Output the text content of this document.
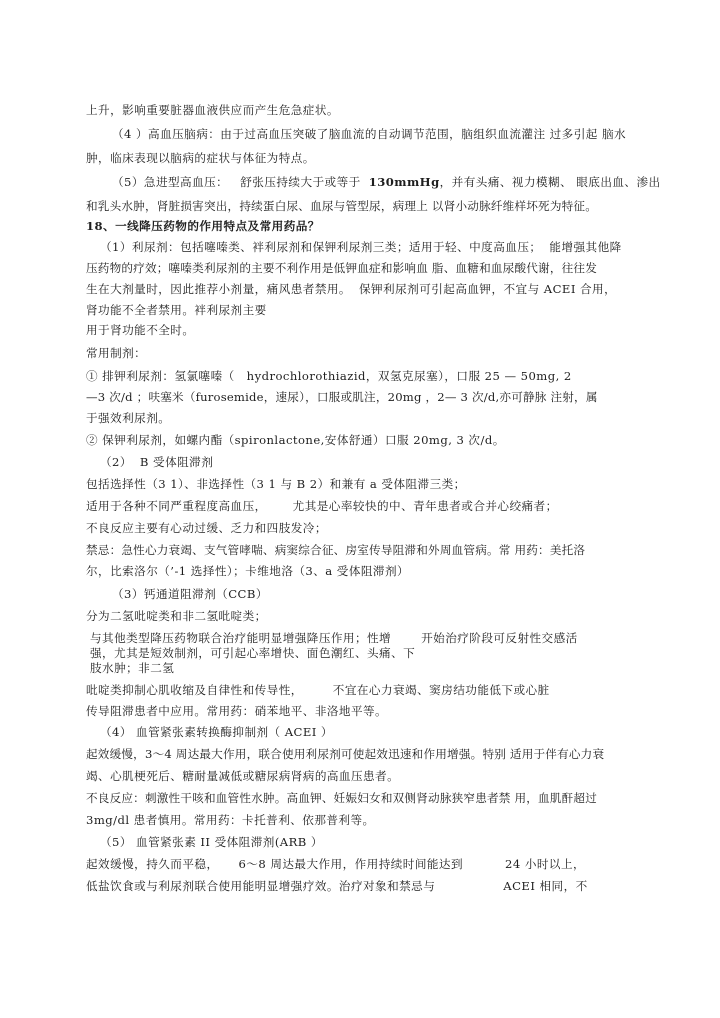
上升，影响重要脏器血液供应而产生危急症状。
（4 ）高血压脑病：由于过高血压突破了脑血流的自动调节范围，脑组织血流灌注 过多引起 脑水
肿，临床表现以脑病的症状与体征为特点。
（5）急进型高血压： 舒张压持续大于或等于 130mmHg，并有头痛、视力模糊、 眼底出血、渗出
和乳头水肿，肾脏损害突出，持续蛋白尿、血尿与管型尿，病理上 以肾小动脉纤维样坏死为特征。
18、一线降压药物的作用特点及常用药品？
（1）利尿剂：包括噻嗪类、袢利尿剂和保钾利尿剂三类；适用于轻、中度高血压； 能增强其他降
压药物的疗效；噻嗪类利尿剂的主要不利作用是低钾血症和影响血 脂、血糖和血尿酸代谢，往往发
生在大剂量时，因此推荐小剂量，痛风患者禁用。 保钾利尿剂可引起高血钾，不宜与 ACEI 合用，
肾功能不全者禁用。袢利尿剂主要
用于肾功能不全时。
常用制剂：
① 排钾利尿剂：氢氯噻嗪（ hydrochlorothiazid，双氢克尿塞），口服 25 — 50mg, 2
—3 次/d ；呋塞米（furosemide，速尿），口服或肌注，20mg ，2— 3 次/d,亦可静脉 注射，属
于强效利尿剂。
② 保钾利尿剂，如螺内酯（spironlactone,安体舒通）口服 20mg, 3 次/d。
（2） B 受体阻滞剂
包括选择性（3 1）、非选择性（3 1 与 B 2）和兼有 a 受体阻滞三类；
适用于各种不同严重程度高血压， 尤其是心率较快的中、青年患者或合并心绞痛者；
不良反应主要有心动过缓、乏力和四肢发冷；
禁忌：急性心力衰竭、支气管哮喘、病窦综合征、房室传导阻滞和外周血管病。常 用药：美托洛
尔，比索洛尔（’-1 选择性）；卡维地洛（3、a 受体阻滞剂）
（3）钙通道阻滞剂（CCB）
分为二氢吡啶类和非二氢吡啶类；
与其他类型降压药物联合治疗能明显增强降压作用；性增	开始治疗阶段可反射性交感活
强，尤其是短效制剂，可引起心率增快、面色潮红、头痛、下
肢水肿；非二氢
吡啶类抑制心肌收缩及自律性和传导性，	不宜在心力衰竭、窦房结功能低下或心脏
传导阻滞患者中应用。常用药：硝苯地平、非洛地平等。
（4） 血管紧张素转换酶抑制剂（ ACEI ）
起效缓慢，3～4 周达最大作用，联合使用利尿剂可使起效迅速和作用增强。特别 适用于伴有心力衰
竭、心肌梗死后、糖耐量减低或糖尿病肾病的高血压患者。
不良反应：刺激性干咳和血管性水肿。高血钾、妊娠妇女和双侧肾动脉狭窄患者禁 用，血肌酐超过
3mg/dl 患者慎用。常用药：卡托普利、依那普利等。
（5） 血管紧张素 II 受体阻滞剂(ARB ）
起效缓慢，持久而平稳， 6～8 周达最大作用，作用持续时间能达到	24 小时以上，
低盐饮食或与利尿剂联合使用能明显增强疗效。治疗对象和禁忌与	ACEI 相同，不
